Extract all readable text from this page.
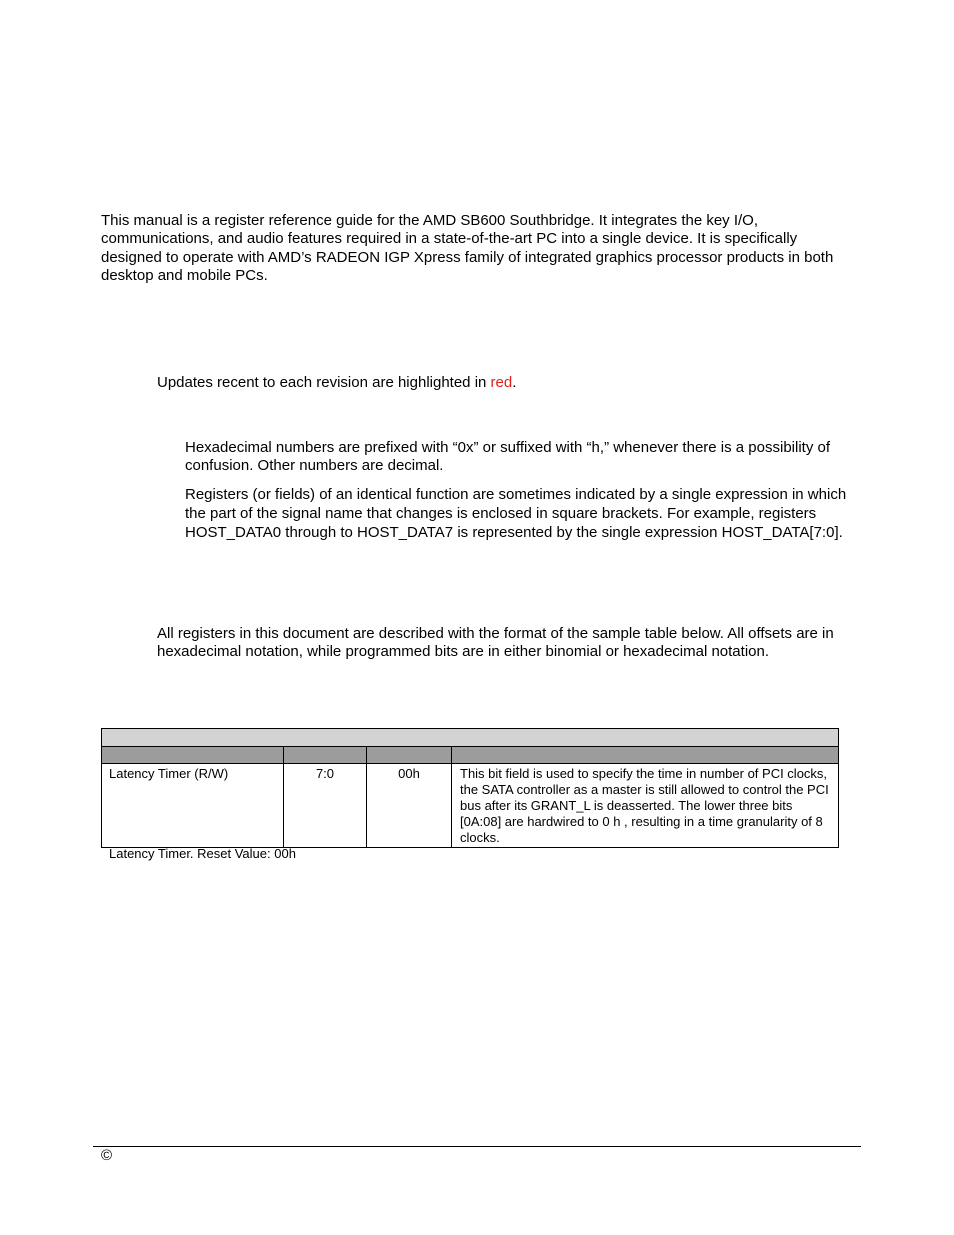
This manual is a register reference guide for the AMD SB600 Southbridge. It integrates the key I/O, communications, and audio features required in a state-of-the-art PC into a single device. It is specifically designed to operate with AMD’s RADEON IGP Xpress family of integrated graphics processor products in both desktop and mobile PCs.

Updates recent to each revision are highlighted in red.

Hexadecimal numbers are prefixed with “0x” or suffixed with “h,” whenever there is a possibility of confusion. Other numbers are decimal.

Registers (or fields) of an identical function are sometimes indicated by a single expression in which the part of the signal name that changes is enclosed in square brackets. For example, registers HOST_DATA0 through to HOST_DATA7 is represented by the single expression HOST_DATA[7:0].

All registers in this document are described with the format of the sample table below. All offsets are in hexadecimal notation, while programmed bits are in either binomial or hexadecimal notation.

Latency Timer (R/W)	7:0	00h	This bit field is used to specify the time in number of PCI clocks, the SATA controller as a master is still allowed to control the PCI bus after its GRANT_L is deasserted. The lower three bits [0A:08] are hardwired to 0 h , resulting in a time granularity of 8 clocks.
Latency Timer. Reset Value: 00h
©
